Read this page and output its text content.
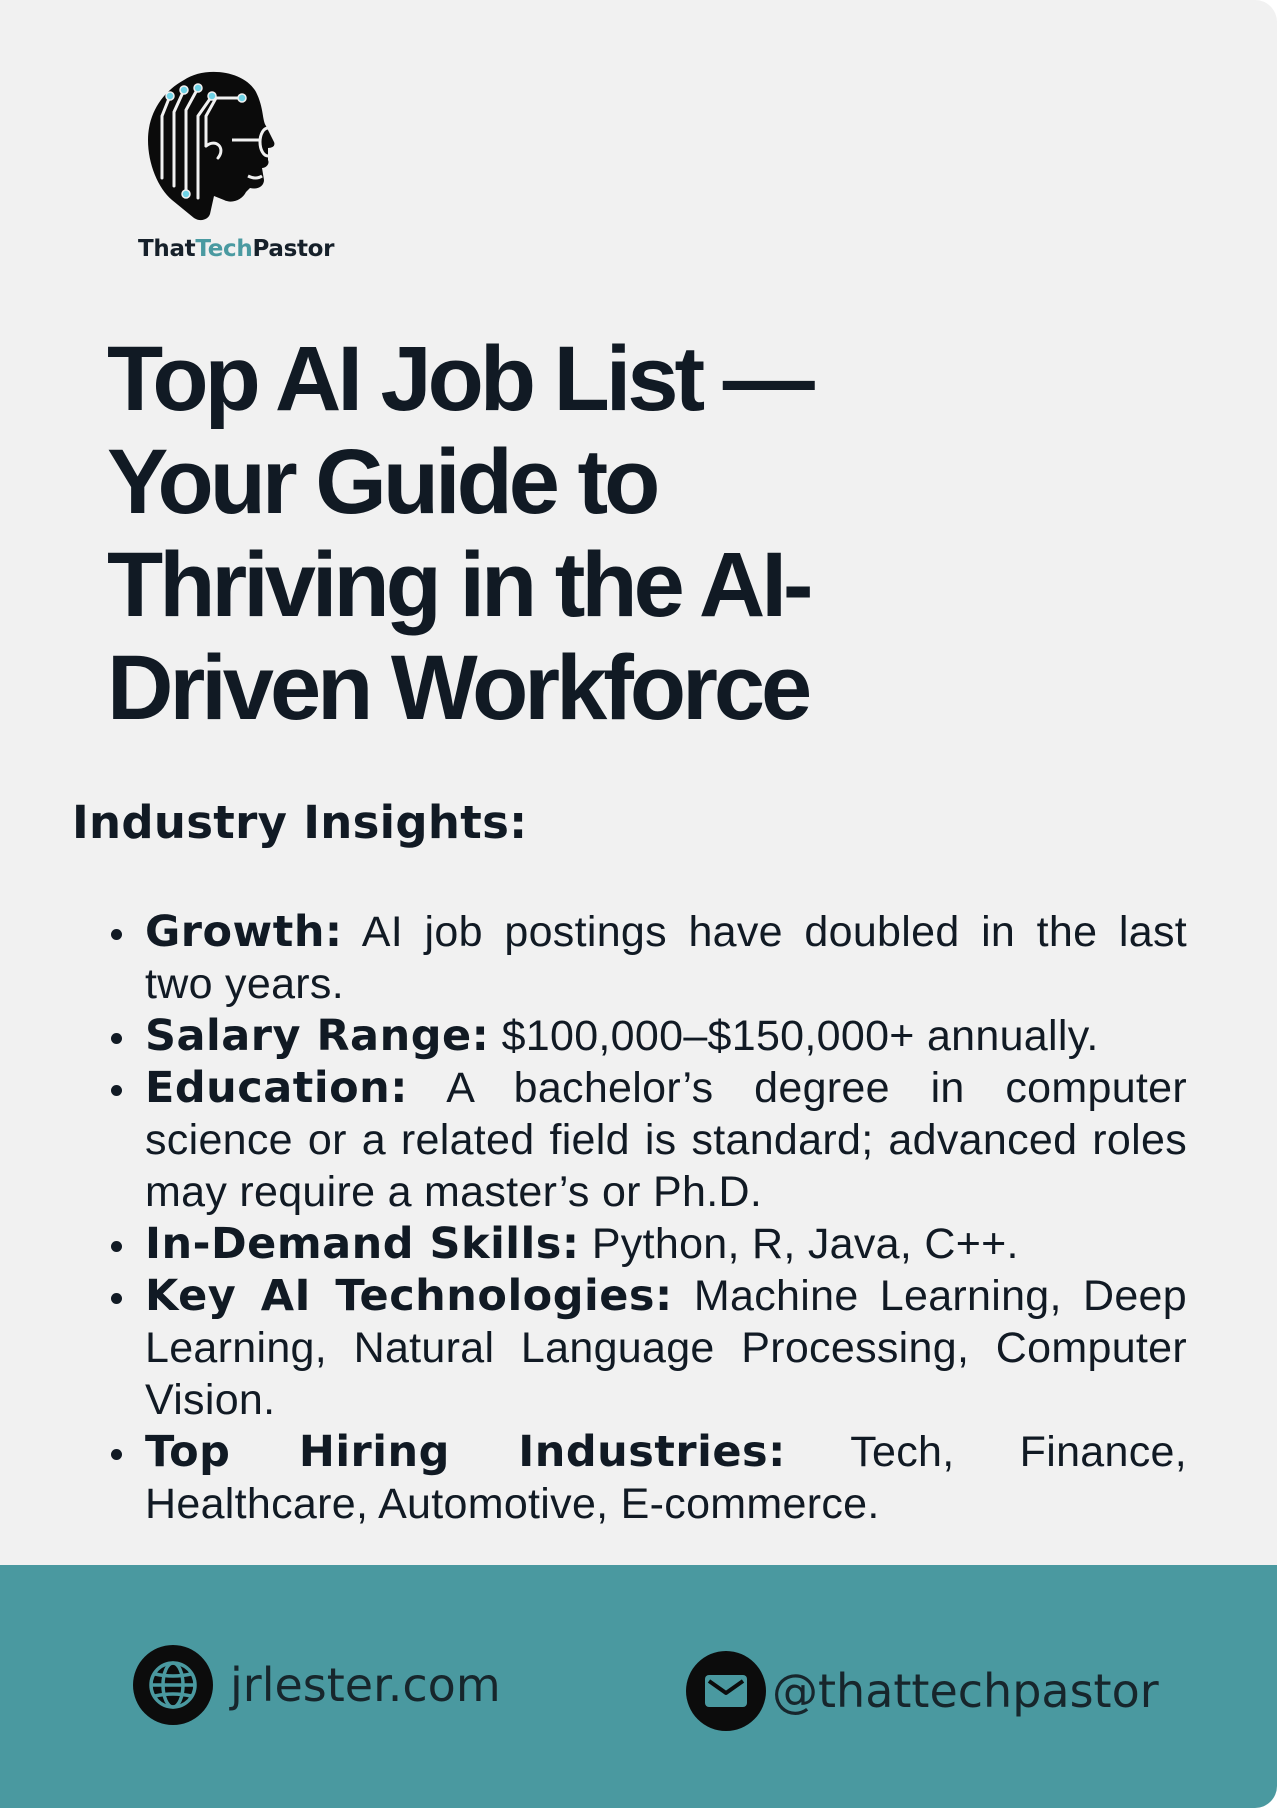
ThatTechPastor
Top AI Job List — Your Guide to Thriving in the AI-Driven Workforce
Industry Insights:
Growth: AI job postings have doubled in the last two years.
Salary Range: $100,000–$150,000+ annually.
Education: A bachelor’s degree in computer science or a related field is standard; advanced roles may require a master’s or Ph.D.
In-Demand Skills: Python, R, Java, C++.
Key AI Technologies: Machine Learning, Deep Learning, Natural Language Processing, Computer Vision.
Top Hiring Industries: Tech, Finance, Healthcare, Automotive, E-commerce.
jrlester.com	@thattechpastor
